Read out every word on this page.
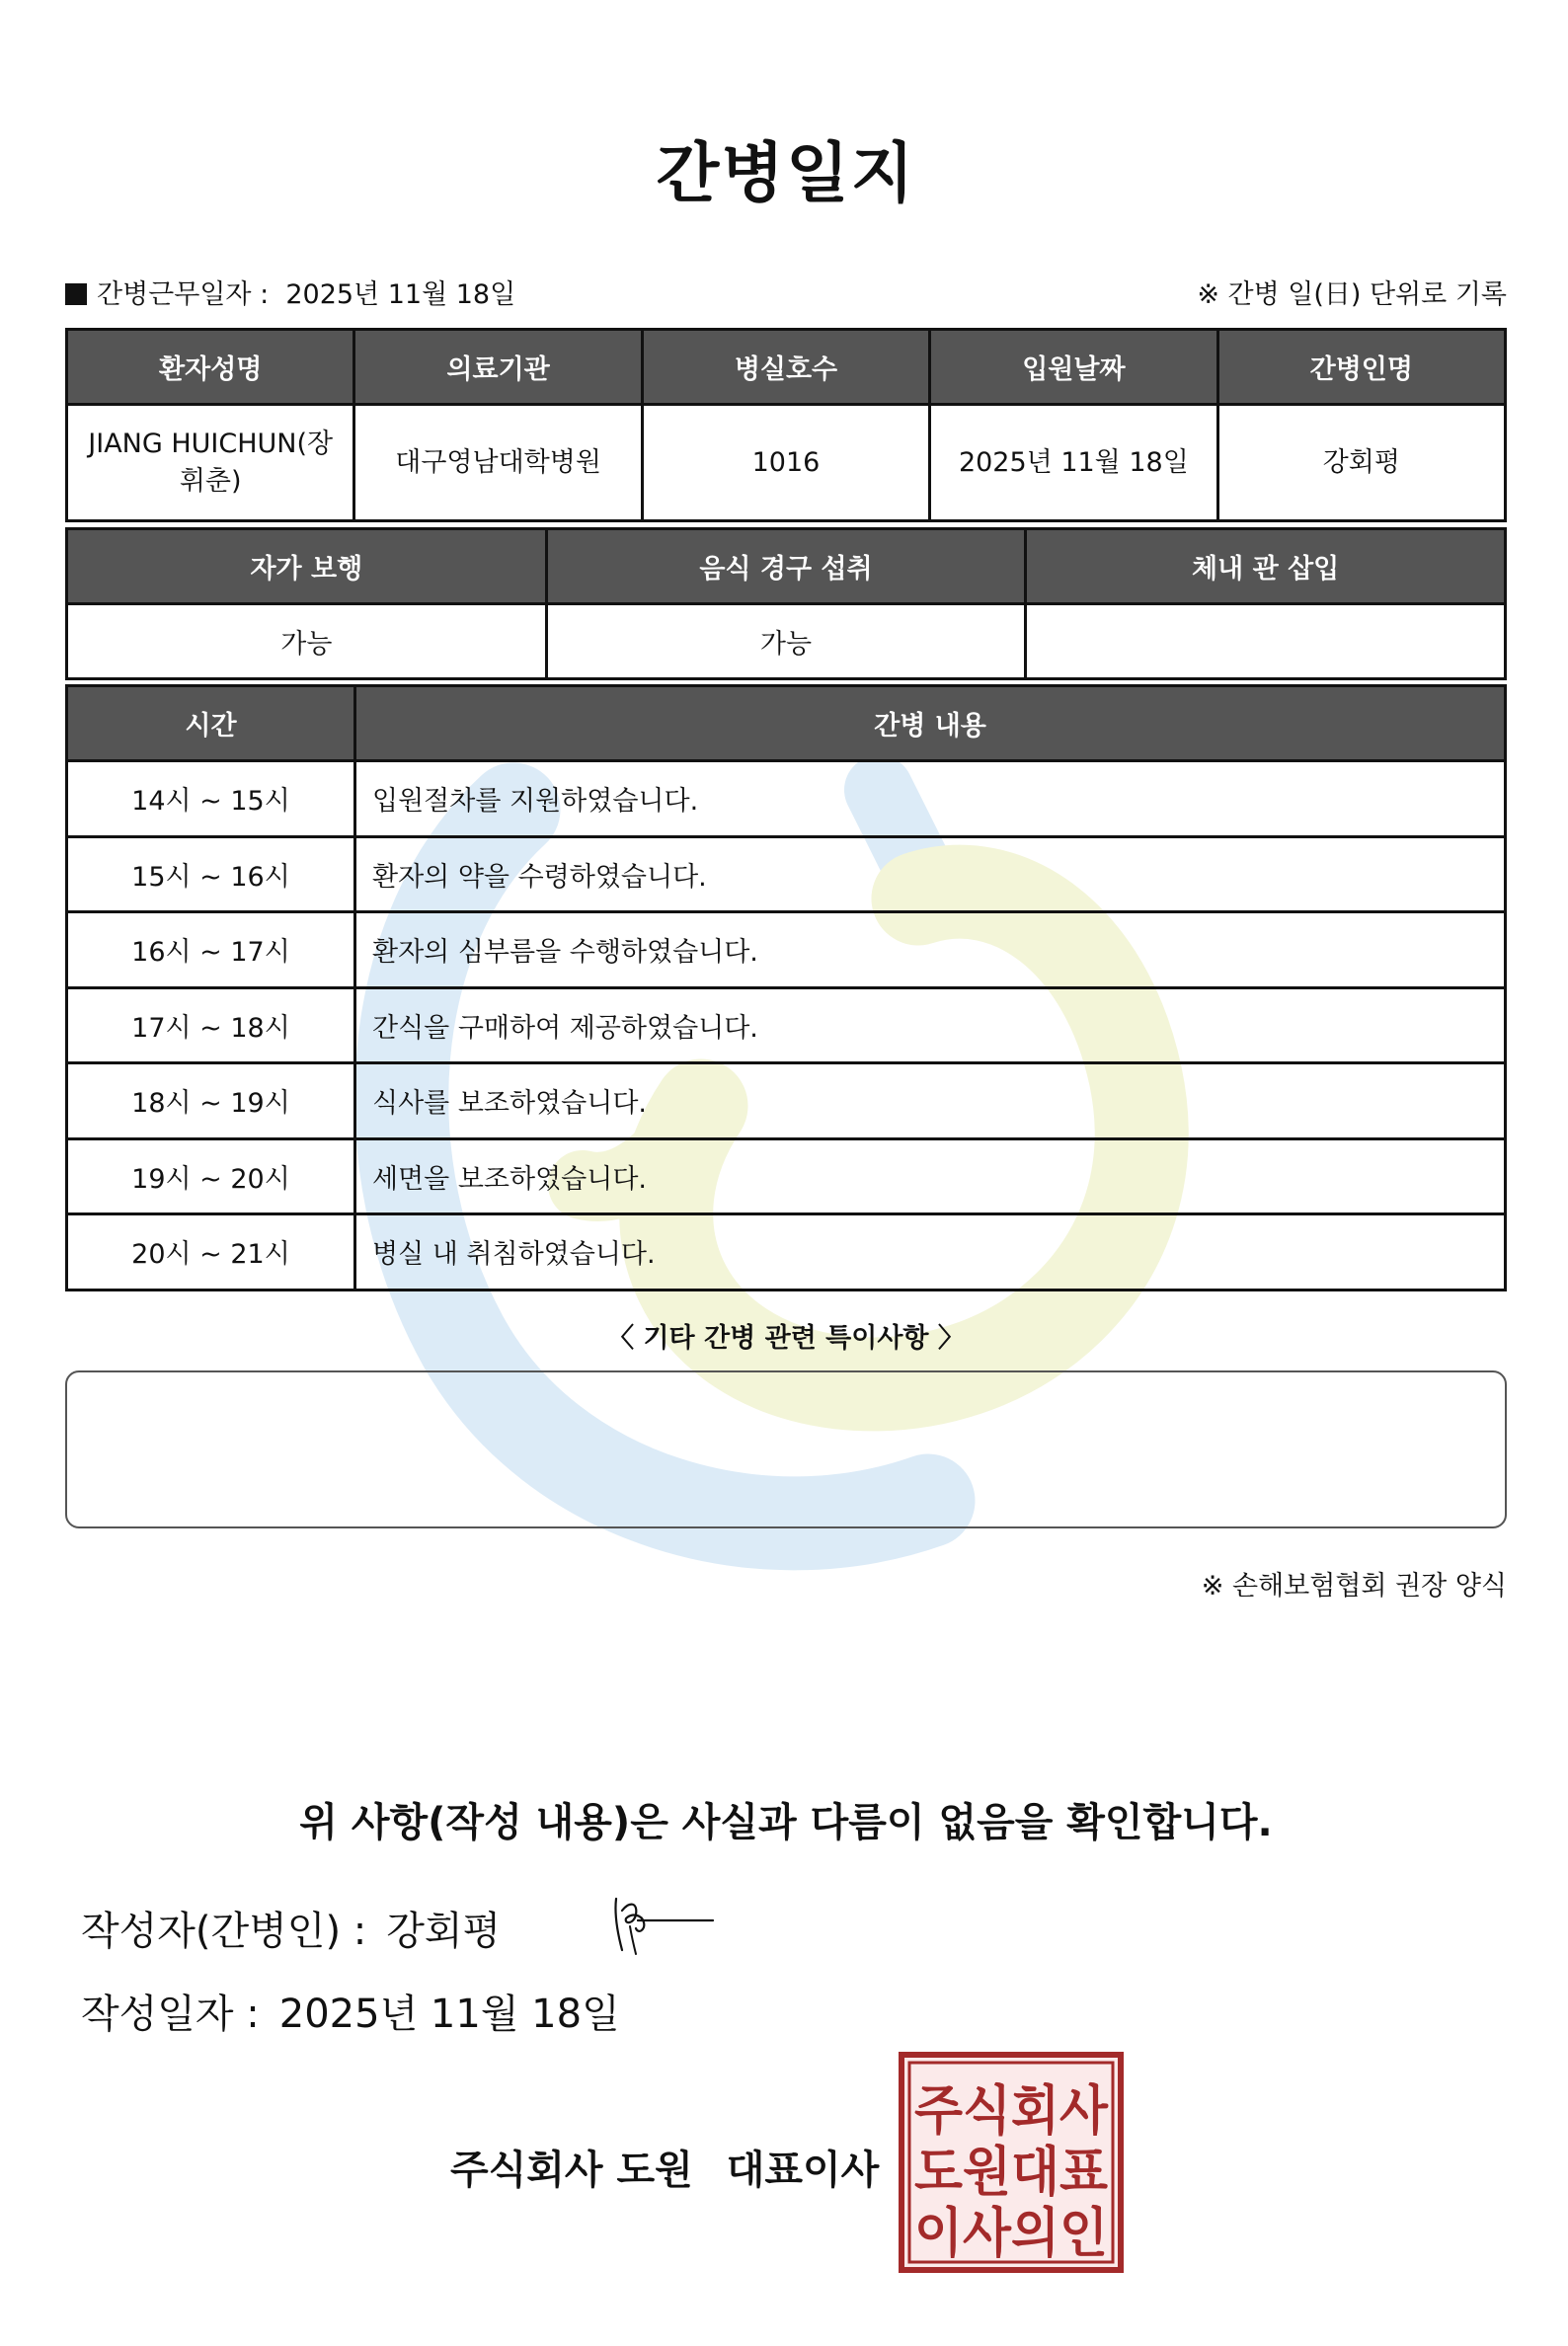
간병일지
간병근무일자 : 2025년 11월 18일	※ 간병 일(日) 단위로 기록
환자성명	의료기관	병실호수	입원날짜	간병인명
JIANG HUICHUN(장휘춘)	대구영남대학병원	1016	2025년 11월 18일	강회평
자가 보행	음식 경구 섭취	체내 관 삽입
가능	가능	
시간	간병 내용
14시 ~ 15시	입원절차를 지원하였습니다.
15시 ~ 16시	환자의 약을 수령하였습니다.
16시 ~ 17시	환자의 심부름을 수행하였습니다.
17시 ~ 18시	간식을 구매하여 제공하였습니다.
18시 ~ 19시	식사를 보조하였습니다.
19시 ~ 20시	세면을 보조하였습니다.
20시 ~ 21시	병실 내 취침하였습니다.
〈 기타 간병 관련 특이사항 〉
※ 손해보험협회 권장 양식
위 사항(작성 내용)은 사실과 다름이 없음을 확인합니다.
작성자(간병인) : 강회평
작성일자 : 2025년 11월 18일
주식회사 도원 대표이사
주식회사
도원대표
이사의인
